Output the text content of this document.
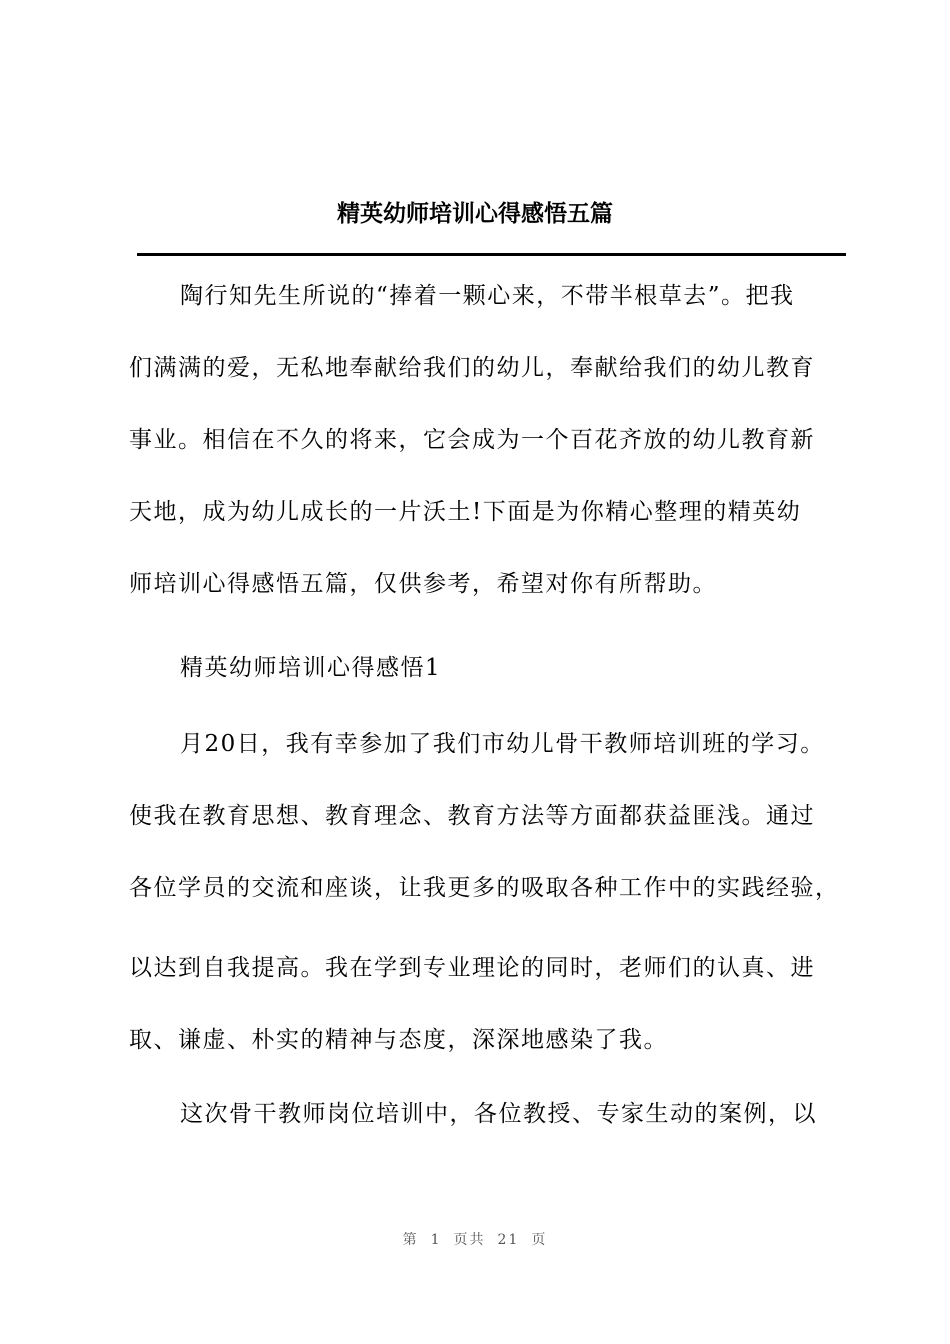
精英幼师培训心得感悟五篇
陶行知先生所说的“捧着一颗心来，不带半根草去”。把我
们满满的爱，无私地奉献给我们的幼儿，奉献给我们的幼儿教育
事业。相信在不久的将来，它会成为一个百花齐放的幼儿教育新
天地，成为幼儿成长的一片沃土!下面是为你精心整理的精英幼
师培训心得感悟五篇，仅供参考，希望对你有所帮助。
精英幼师培训心得感悟1
月20日，我有幸参加了我们市幼儿骨干教师培训班的学习。
使我在教育思想、教育理念、教育方法等方面都获益匪浅。通过
各位学员的交流和座谈，让我更多的吸取各种工作中的实践经验，
以达到自我提高。我在学到专业理论的同时，老师们的认真、进
取、谦虚、朴实的精神与态度，深深地感染了我。
这次骨干教师岗位培训中，各位教授、专家生动的案例，以
第 1 页共 21 页
